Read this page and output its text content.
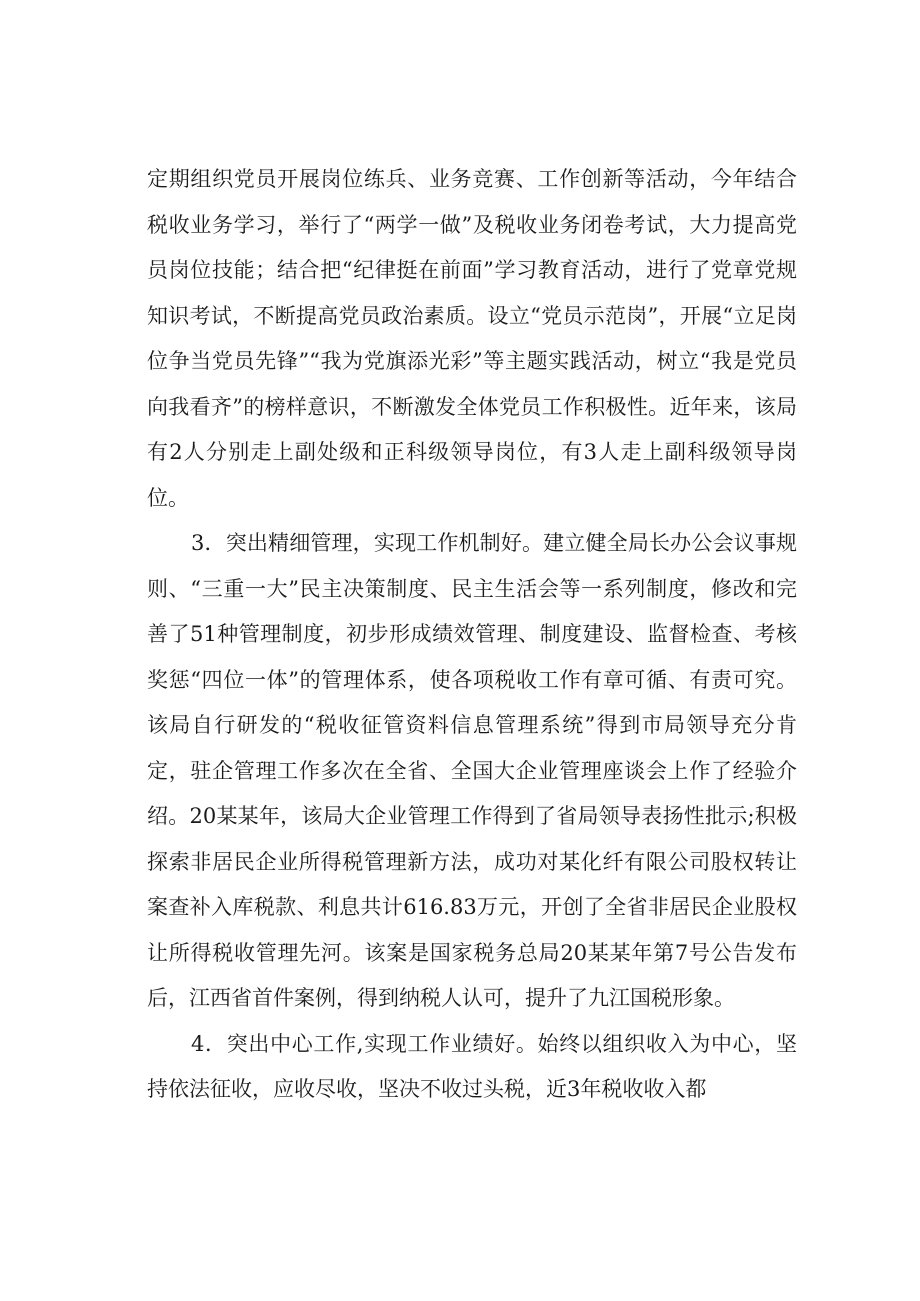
定期组织党员开展岗位练兵、业务竞赛、工作创新等活动，今年结合税收业务学习，举行了“两学一做”及税收业务闭卷考试，大力提高党员岗位技能；结合把“纪律挺在前面”学习教育活动，进行了党章党规知识考试，不断提高党员政治素质。设立“党员示范岗”，开展“立足岗位争当党员先锋”“我为党旗添光彩”等主题实践活动，树立“我是党员向我看齐”的榜样意识，不断激发全体党员工作积极性。近年来，该局有2人分别走上副处级和正科级领导岗位，有3人走上副科级领导岗位。

3．突出精细管理，实现工作机制好。建立健全局长办公会议事规则、“三重一大”民主决策制度、民主生活会等一系列制度，修改和完善了51种管理制度，初步形成绩效管理、制度建设、监督检查、考核奖惩“四位一体”的管理体系，使各项税收工作有章可循、有责可究。该局自行研发的“税收征管资料信息管理系统”得到市局领导充分肯定，驻企管理工作多次在全省、全国大企业管理座谈会上作了经验介绍。20某某年，该局大企业管理工作得到了省局领导表扬性批示;积极探索非居民企业所得税管理新方法，成功对某化纤有限公司股权转让案查补入库税款、利息共计616.83万元，开创了全省非居民企业股权让所得税收管理先河。该案是国家税务总局20某某年第7号公告发布后，江西省首件案例，得到纳税人认可，提升了九江国税形象。

4．突出中心工作,实现工作业绩好。始终以组织收入为中心，坚持依法征收，应收尽收，坚决不收过头税，近3年税收收入都
